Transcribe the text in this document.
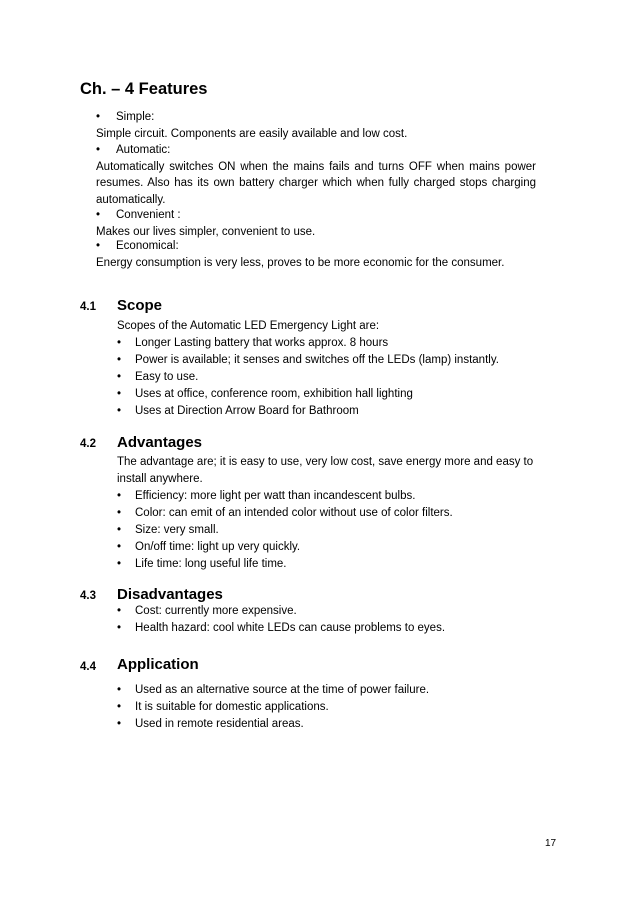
Ch. – 4 Features
•	Simple:
Simple circuit. Components are easily available and low cost.
•	Automatic:
Automatically switches ON when the mains fails and turns OFF when mains power resumes. Also has its own battery charger which when fully charged stops charging automatically.
•	Convenient :
Makes our lives simpler, convenient to use.
•	Economical:
Energy consumption is very less, proves to be more economic for the consumer.
4.1 Scope

Scopes of the Automatic LED Emergency Light are:

•	Longer Lasting battery that works approx. 8 hours
•	Power is available; it senses and switches off the LEDs (lamp) instantly.
•	Easy to use.
•	Uses at office, conference room, exhibition hall lighting
•	Uses at Direction Arrow Board for Bathroom
4.2 Advantages

The advantage are; it is easy to use, very low cost, save energy more and easy to install anywhere.

•	Efficiency: more light per watt than incandescent bulbs.
•	Color: can emit of an intended color without use of color filters.
•	Size: very small.
•	On/off time: light up very quickly.
•	Life time: long useful life time.
4.3 Disadvantages
•	Cost: currently more expensive.
•	Health hazard: cool white LEDs can cause problems to eyes.
4.4 Application
•	Used as an alternative source at the time of power failure.
•	It is suitable for domestic applications.
•	Used in remote residential areas.
17
